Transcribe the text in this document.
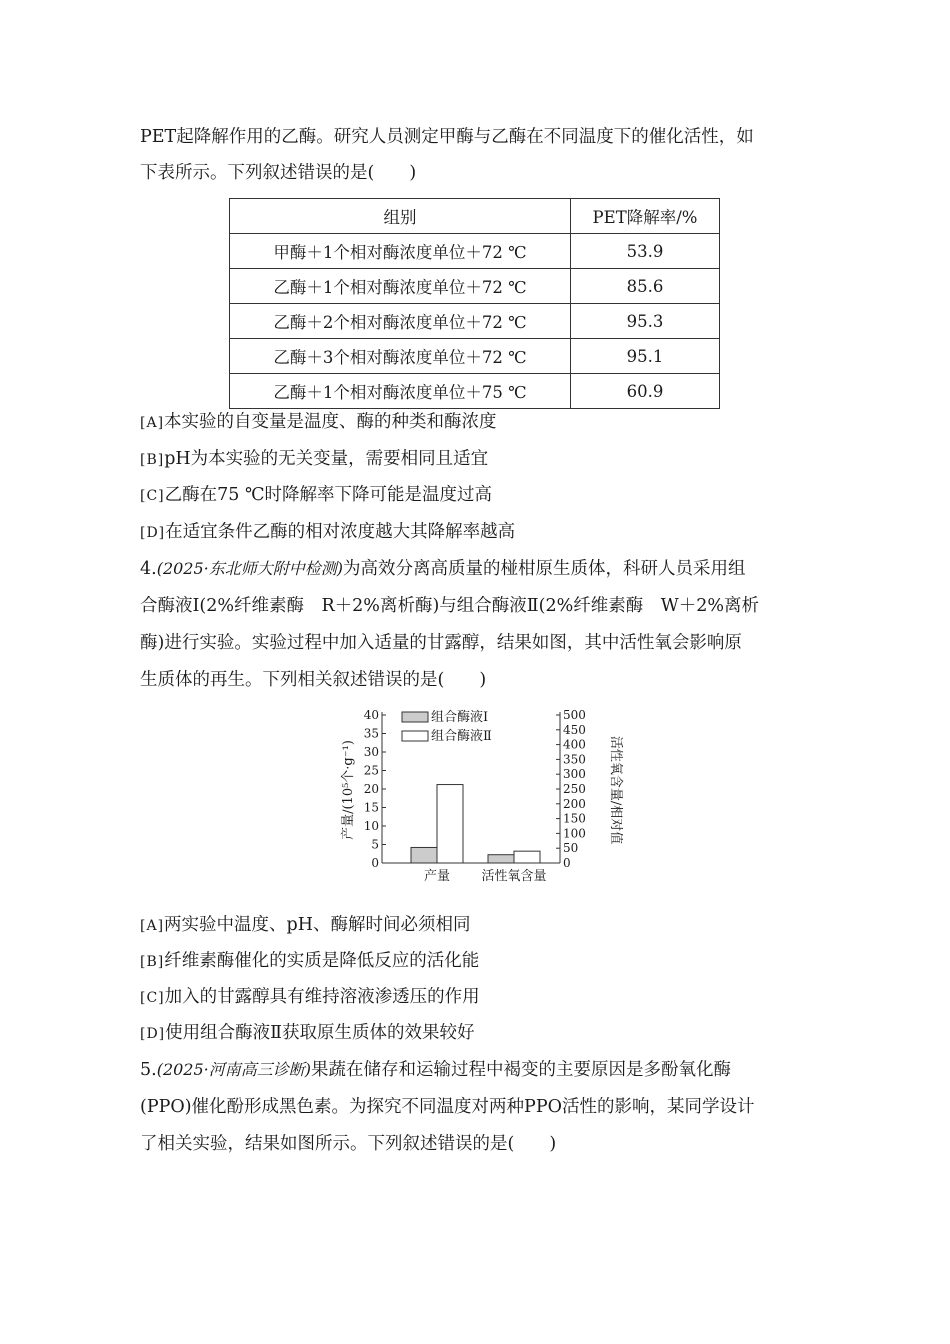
PET起降解作用的乙酶。研究人员测定甲酶与乙酶在不同温度下的催化活性，如
下表所示。下列叙述错误的是(　　)
组别	PET降解率/%
甲酶＋1个相对酶浓度单位＋72 ℃	53.9
乙酶＋1个相对酶浓度单位＋72 ℃	85.6
乙酶＋2个相对酶浓度单位＋72 ℃	95.3
乙酶＋3个相对酶浓度单位＋72 ℃	95.1
乙酶＋1个相对酶浓度单位＋75 ℃	60.9
[A]本实验的自变量是温度、酶的种类和酶浓度
[B]pH为本实验的无关变量，需要相同且适宜
[C]乙酶在75 ℃时降解率下降可能是温度过高
[D]在适宜条件乙酶的相对浓度越大其降解率越高
4.(2025·东北师大附中检测)为高效分离高质量的椪柑原生质体，科研人员采用组
合酶液Ⅰ(2%纤维素酶　R＋2%离析酶)与组合酶液Ⅱ(2%纤维素酶　W＋2%离析
酶)进行实验。实验过程中加入适量的甘露醇，结果如图，其中活性氧会影响原
生质体的再生。下列相关叙述错误的是(　　)
产量/(10⁵个·g⁻¹)	活性氧含量/相对值
0
5
10
15
20
25
30
35
40
0
50
100
150
200
250
300
350
400
450
500
组合酶液Ⅰ
组合酶液Ⅱ
产量 活性氧含量
[A]两实验中温度、pH、酶解时间必须相同
[B]纤维素酶催化的实质是降低反应的活化能
[C]加入的甘露醇具有维持溶液渗透压的作用
[D]使用组合酶液Ⅱ获取原生质体的效果较好
5.(2025·河南高三诊断)果蔬在储存和运输过程中褐变的主要原因是多酚氧化酶
(PPO)催化酚形成黑色素。为探究不同温度对两种PPO活性的影响，某同学设计
了相关实验，结果如图所示。下列叙述错误的是(　　)
